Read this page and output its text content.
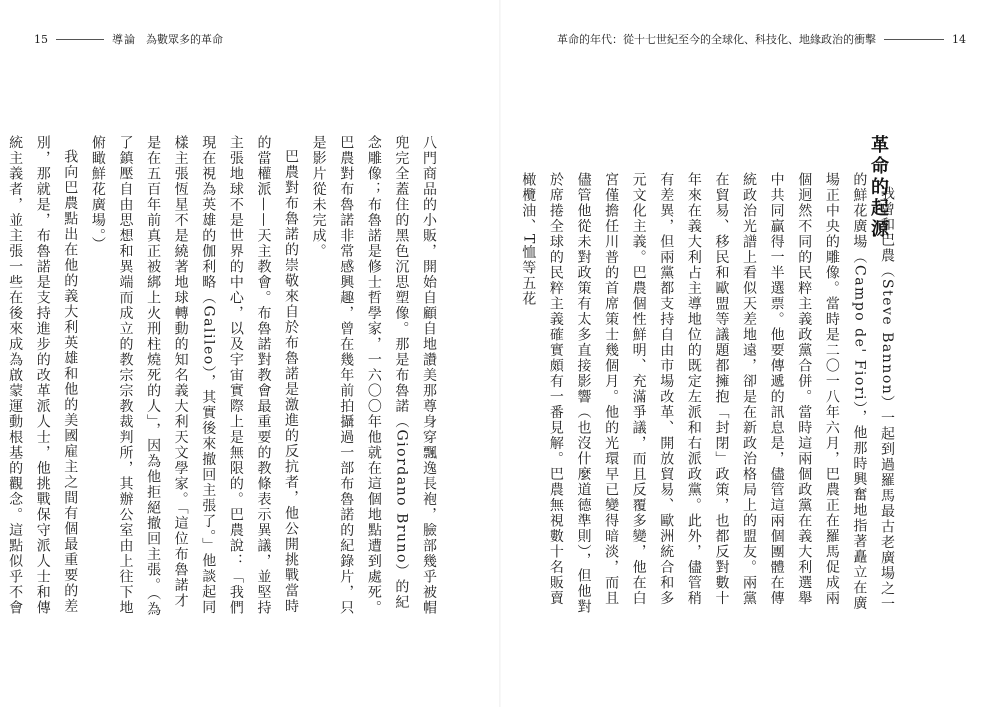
15	導論 為數眾多的革命	革命的年代：從十七世紀至今的全球化、科技化、地緣政治的衝擊	14
革命的起源

我曾和巴農（Steve Bannon）一起到過羅馬最古老廣場之一的鮮花廣場（Campo de' Fiori），他那時興奮地指著矗立在廣場正中央的雕像。當時是二〇一八年六月，巴農正在羅馬促成兩個迥然不同的民粹主義政黨合併。當時這兩個政黨在義大利選舉中共同贏得一半選票。他要傳遞的訊息是，儘管這兩個團體在傳統政治光譜上看似天差地遠，卻是在新政治格局上的盟友。兩黨在貿易、移民和歐盟等議題都擁抱「封閉」政策，也都反對數十年來在義大利占主導地位的既定左派和右派政黨。此外，儘管稍有差異，但兩黨都支持自由市場改革、開放貿易、歐洲統合和多元文化主義。巴農個性鮮明、充滿爭議，而且反覆多變，他在白宮僅擔任川普的首席策士幾個月。他的光環早已變得暗淡，而且儘管他從未對政策有太多直接影響（也沒什麼道德準則），但他對於席捲全球的民粹主義確實頗有一番見解。巴農無視數十名販賣橄欖油、T恤等五花

八門商品的小販，開始自顧自地讚美那尊身穿飄逸長袍，臉部幾乎被帽兜完全蓋住的黑色沉思塑像。那是布魯諾（Giordano Bruno）的紀念雕像；布魯諾是修士哲學家，一六〇〇年他就在這個地點遭到處死。巴農對布魯諾非常感興趣，曾在幾年前拍攝過一部布魯諾的紀錄片，只是影片從未完成。

巴農對布魯諾的崇敬來自於布魯諾是激進的反抗者，他公開挑戰當時的當權派——天主教會。布魯諾對教會最重要的教條表示異議，並堅持主張地球不是世界的中心，以及宇宙實際上是無限的。巴農說：「我們現在視為英雄的伽利略（Galileo），其實後來撤回主張了。」他談起同樣主張恆星不是繞著地球轉動的知名義大利天文學家。「這位布魯諾才是在五百年前真正被綁上火刑柱燒死的人」，因為他拒絕撤回主張。（為了鎮壓自由思想和異端而成立的教宗宗教裁判所，其辦公室由上往下地俯瞰鮮花廣場。）

我向巴農點出在他的義大利英雄和他的美國雇主之間有個最重要的差別，那就是，布魯諾是支持進步的改革派人士，他挑戰保守派人士和傳統主義者，並主張一些在後來成為啟蒙運動根基的觀念。這點似乎不會
